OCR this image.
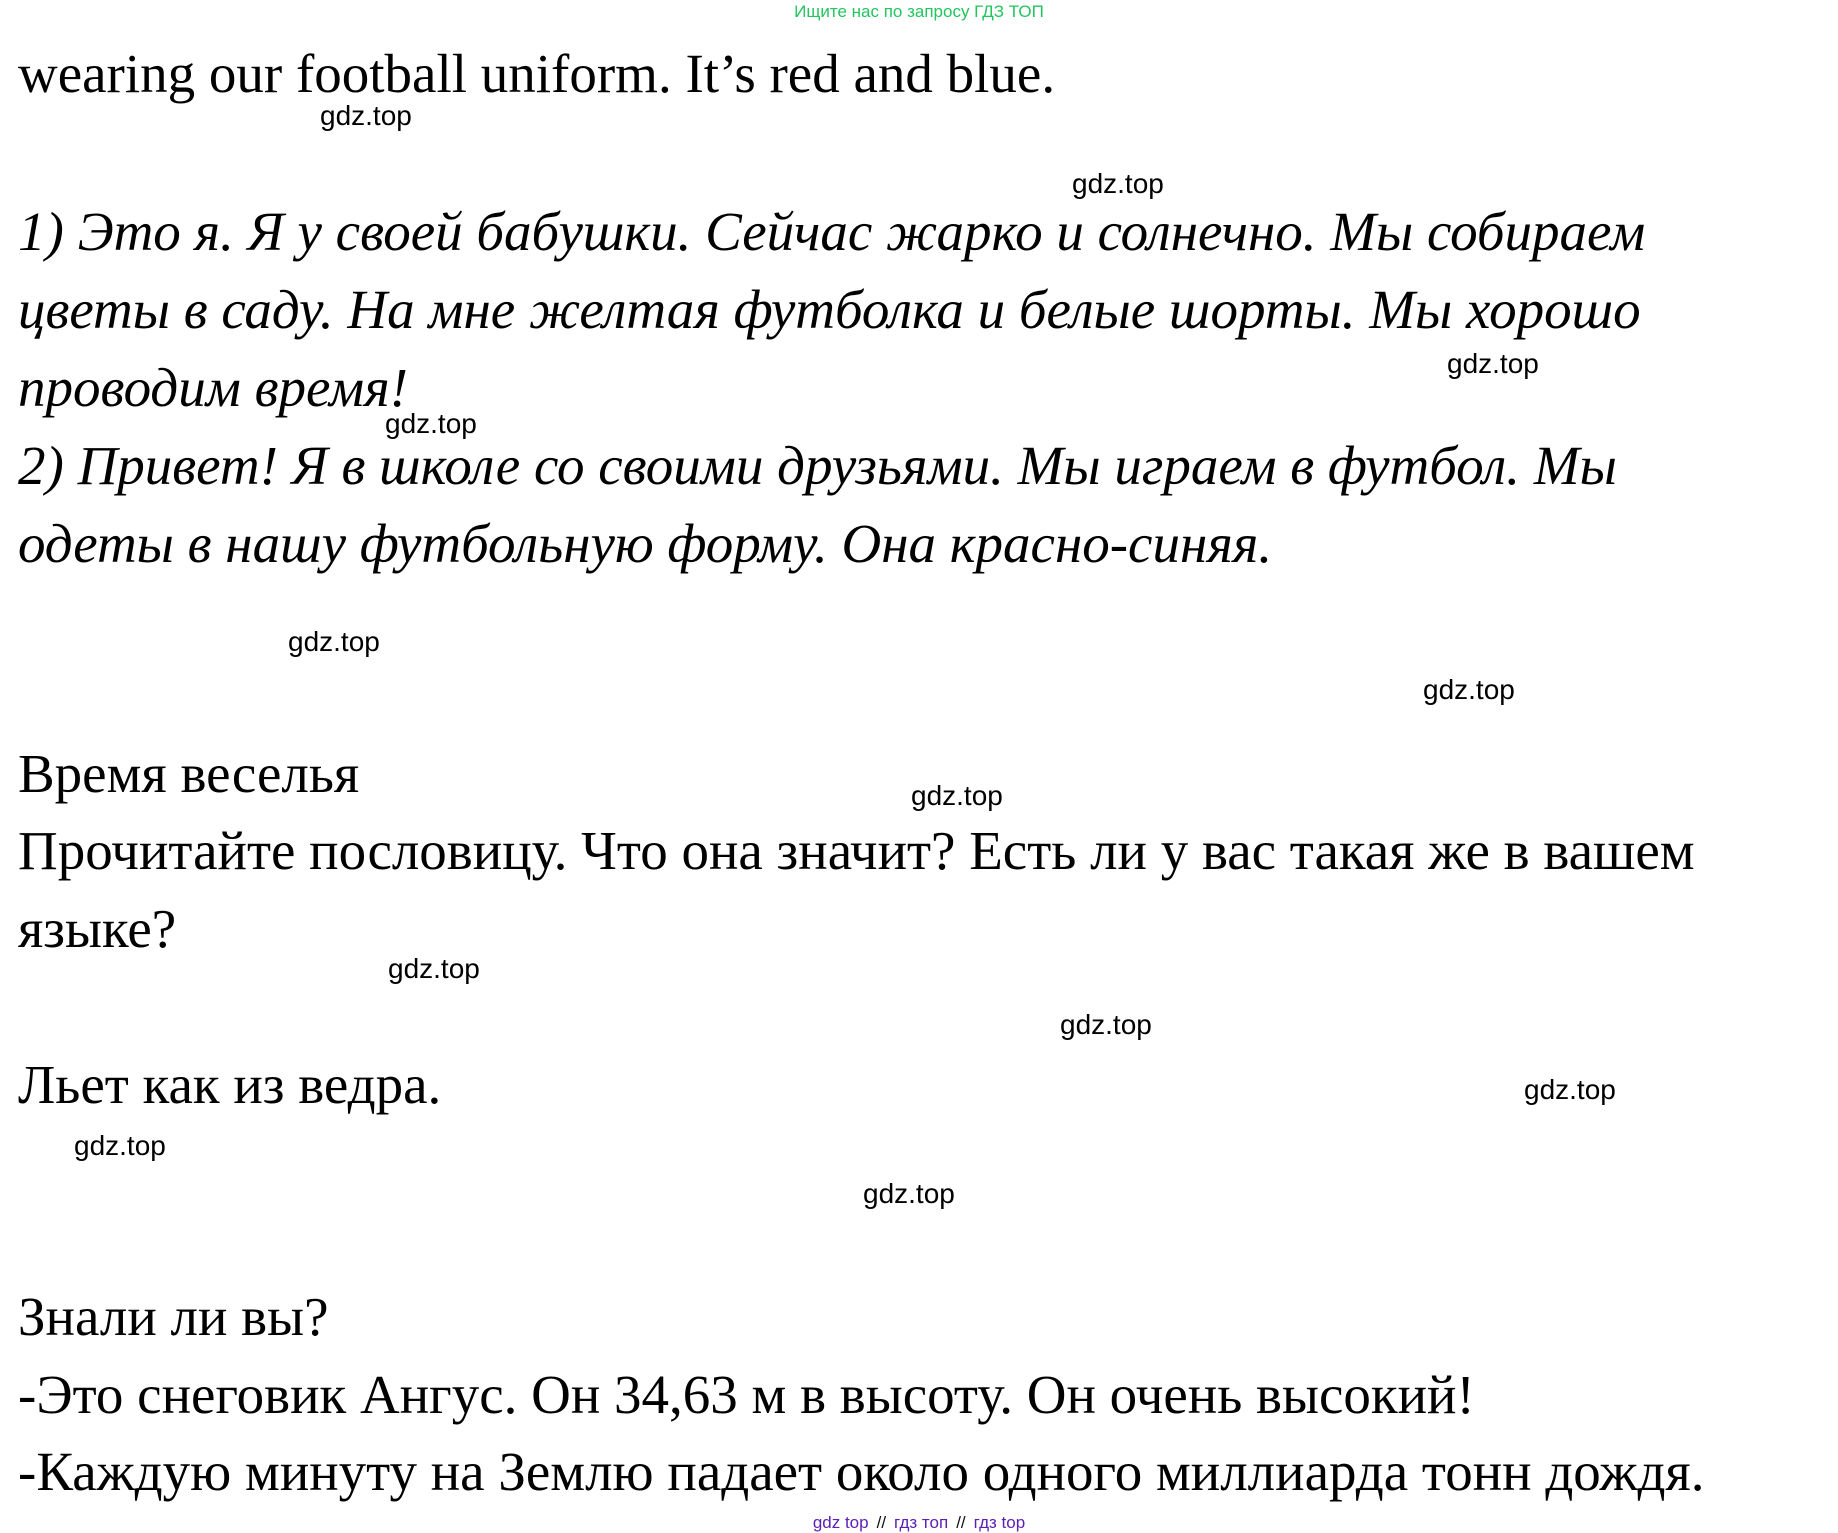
Ищите нас по запросу ГДЗ ТОП
wearing our football uniform. It’s red and blue.
1) Это я. Я у своей бабушки. Сейчас жарко и солнечно. Мы собираем
цветы в саду. На мне желтая футболка и белые шорты. Мы хорошо
проводим время!
2) Привет! Я в школе со своими друзьями. Мы играем в футбол. Мы
одеты в нашу футбольную форму. Она красно-синяя.
Время веселья
Прочитайте пословицу. Что она значит? Есть ли у вас такая же в вашем
языке?
Льет как из ведра.
Знали ли вы?
-Это снеговик Ангус. Он 34,63 м в высоту. Он очень высокий!
-Каждую минуту на Землю падает около одного миллиарда тонн дождя.
gdz.top
gdz.top
gdz.top
gdz.top
gdz.top
gdz.top
gdz.top
gdz.top
gdz.top
gdz.top
gdz.top
gdz.top
gdz top // гдз топ // гдз top
